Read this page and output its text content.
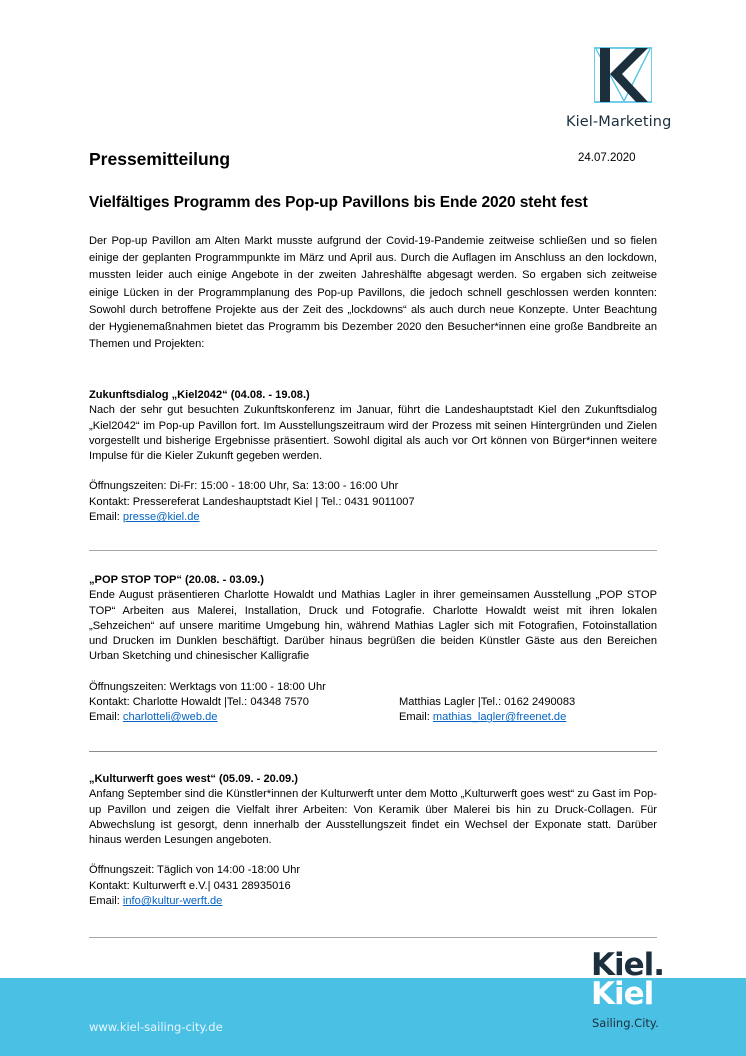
Kiel-Marketing
Pressemitteilung	24.07.2020
Vielfältiges Programm des Pop-up Pavillons bis Ende 2020 steht fest

Der Pop-up Pavillon am Alten Markt musste aufgrund der Covid-19-Pandemie zeitweise schließen und so fielen einige der geplanten Programmpunkte im März und April aus. Durch die Auflagen im Anschluss an den lockdown, mussten leider auch einige Angebote in der zweiten Jahreshälfte abgesagt werden. So ergaben sich zeitweise einige Lücken in der Programmplanung des Pop-up Pavillons, die jedoch schnell geschlossen werden konnten: Sowohl durch betroffene Projekte aus der Zeit des „lockdowns“ als auch durch neue Konzepte. Unter Beachtung der Hygienemaßnahmen bietet das Programm bis Dezember 2020 den Besucher*innen eine große Bandbreite an Themen und Projekten:

Zukunftsdialog „Kiel2042“ (04.08. - 19.08.)

Nach der sehr gut besuchten Zukunftskonferenz im Januar, führt die Landeshauptstadt Kiel den Zukunftsdialog „Kiel2042“ im Pop-up Pavillon fort. Im Ausstellungszeitraum wird der Prozess mit seinen Hintergründen und Zielen vorgestellt und bisherige Ergebnisse präsentiert. Sowohl digital als auch vor Ort können von Bürger*innen weitere Impulse für die Kieler Zukunft gegeben werden.

Öffnungszeiten: Di-Fr: 15:00 - 18:00 Uhr, Sa: 13:00 - 16:00 Uhr
Kontakt: Pressereferat Landeshauptstadt Kiel | Tel.: 0431 9011007
Email: presse@kiel.de
„POP STOP TOP“ (20.08. - 03.09.)

Ende August präsentieren Charlotte Howaldt und Mathias Lagler in ihrer gemeinsamen Ausstellung „POP STOP TOP“ Arbeiten aus Malerei, Installation, Druck und Fotografie. Charlotte Howaldt weist mit ihren lokalen „Sehzeichen“ auf unsere maritime Umgebung hin, während Mathias Lagler sich mit Fotografien, Fotoinstallation und Drucken im Dunklen beschäftigt. Darüber hinaus begrüßen die beiden Künstler Gäste aus den Bereichen Urban Sketching und chinesischer Kalligrafie

Öffnungszeiten: Werktags von 11:00 - 18:00 Uhr
Kontakt: Charlotte Howaldt |Tel.: 04348 7570
Email: charlotteli@web.de
Matthias Lagler |Tel.: 0162 2490083
Email: mathias_lagler@freenet.de
„Kulturwerft goes west“ (05.09. - 20.09.)

Anfang September sind die Künstler*innen der Kulturwerft unter dem Motto „Kulturwerft goes west“ zu Gast im Pop-up Pavillon und zeigen die Vielfalt ihrer Arbeiten: Von Keramik über Malerei bis hin zu Druck-Collagen. Für Abwechslung ist gesorgt, denn innerhalb der Ausstellungszeit findet ein Wechsel der Exponate statt. Darüber hinaus werden Lesungen angeboten.

Öffnungszeit: Täglich von 14:00 -18:00 Uhr
Kontakt: Kulturwerft e.V.| 0431 28935016
Email: info@kultur-werft.de
www.kiel-sailing-city.de
Kiel.
Kiel
Sailing.City.
